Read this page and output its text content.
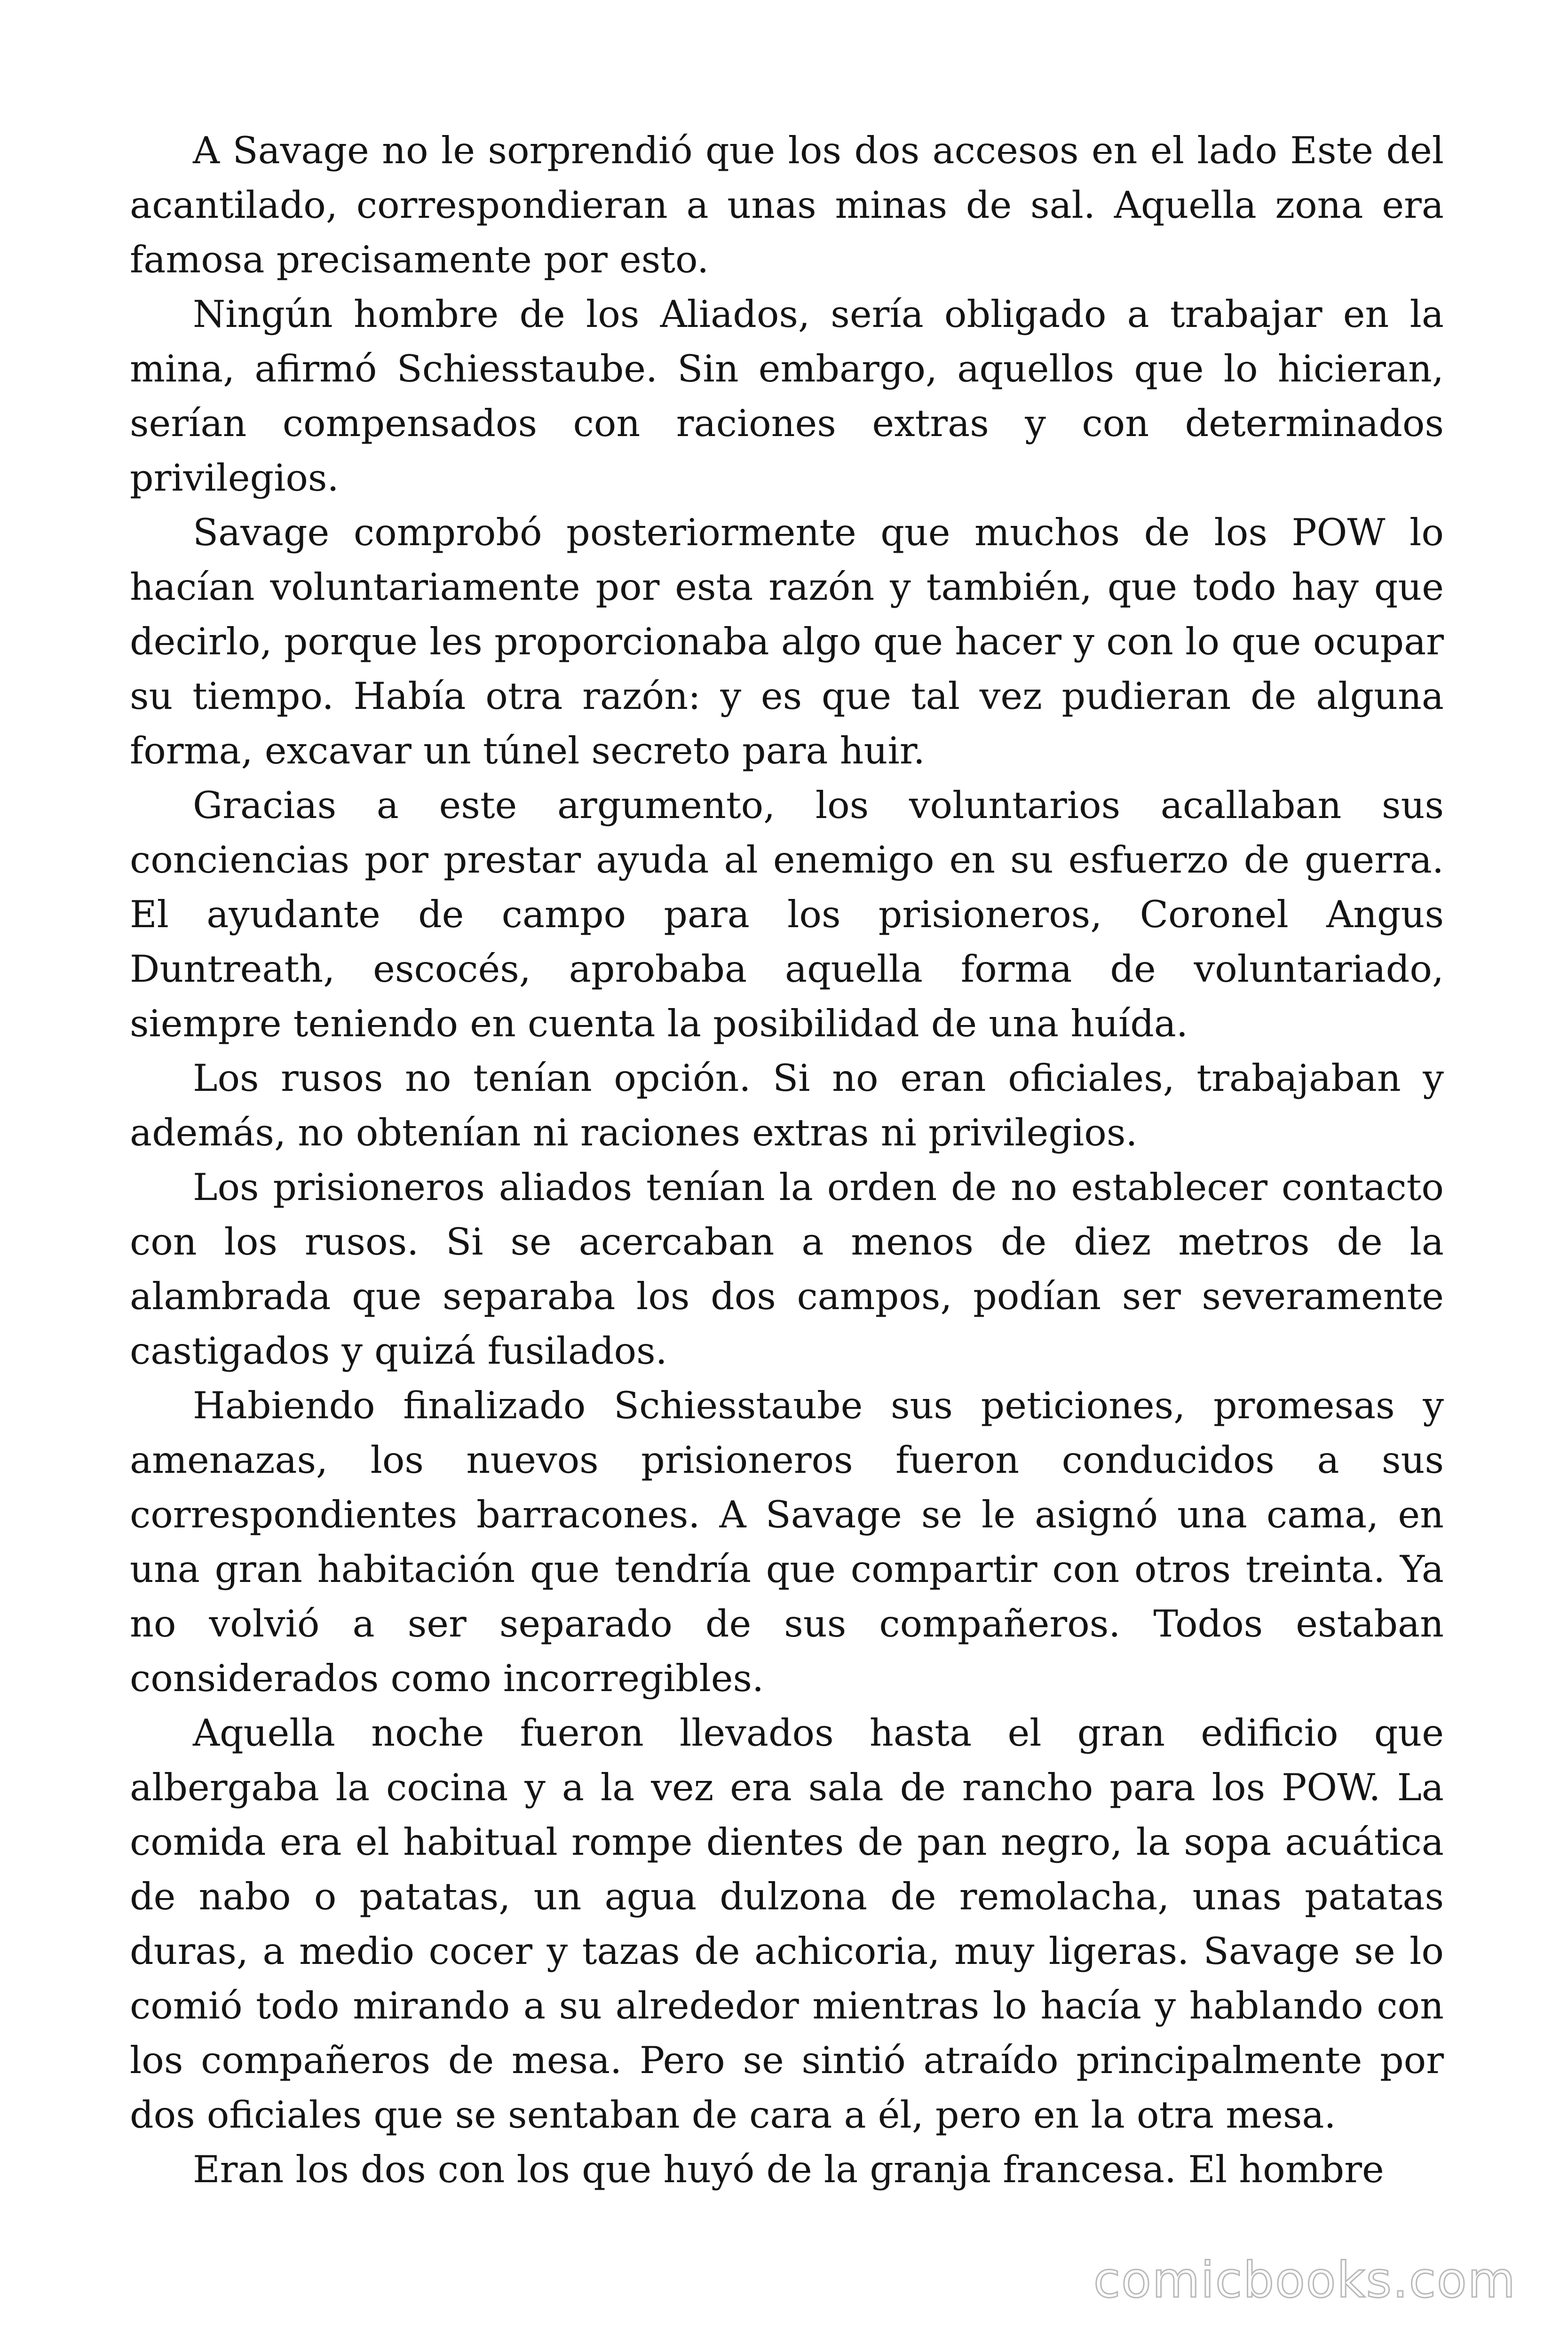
A Savage no le sorprendió que los dos accesos en el lado Este del acantilado, correspondieran a unas minas de sal. Aquella zona era famosa precisamente por esto.

Ningún hombre de los Aliados, sería obligado a trabajar en la mina, afirmó Schiesstaube. Sin embargo, aquellos que lo hicieran, serían compensados con raciones extras y con determinados privilegios.

Savage comprobó posteriormente que muchos de los POW lo hacían voluntariamente por esta razón y también, que todo hay que decirlo, porque les proporcionaba algo que hacer y con lo que ocupar su tiempo. Había otra razón: y es que tal vez pudieran de alguna forma, excavar un túnel secreto para huir.

Gracias a este argumento, los voluntarios acallaban sus conciencias por prestar ayuda al enemigo en su esfuerzo de guerra. El ayudante de campo para los prisioneros, Coronel Angus Duntreath, escocés, aprobaba aquella forma de voluntariado, siempre teniendo en cuenta la posibilidad de una huída.

Los rusos no tenían opción. Si no eran oficiales, trabajaban y además, no obtenían ni raciones extras ni privilegios.

Los prisioneros aliados tenían la orden de no establecer contacto con los rusos. Si se acercaban a menos de diez metros de la alambrada que separaba los dos campos, podían ser severamente castigados y quizá fusilados.

Habiendo finalizado Schiesstaube sus peticiones, promesas y amenazas, los nuevos prisioneros fueron conducidos a sus correspondientes barracones. A Savage se le asignó una cama, en una gran habitación que tendría que compartir con otros treinta. Ya no volvió a ser separado de sus compañeros. Todos estaban considerados como incorregibles.

Aquella noche fueron llevados hasta el gran edificio que albergaba la cocina y a la vez era sala de rancho para los POW. La comida era el habitual rompe dientes de pan negro, la sopa acuática de nabo o patatas, un agua dulzona de remolacha, unas patatas duras, a medio cocer y tazas de achicoria, muy ligeras. Savage se lo comió todo mirando a su alrededor mientras lo hacía y hablando con los compañeros de mesa. Pero se sintió atraído principalmente por dos oficiales que se sentaban de cara a él, pero en la otra mesa.

Eran los dos con los que huyó de la granja francesa. El hombre

comicbooks.com
